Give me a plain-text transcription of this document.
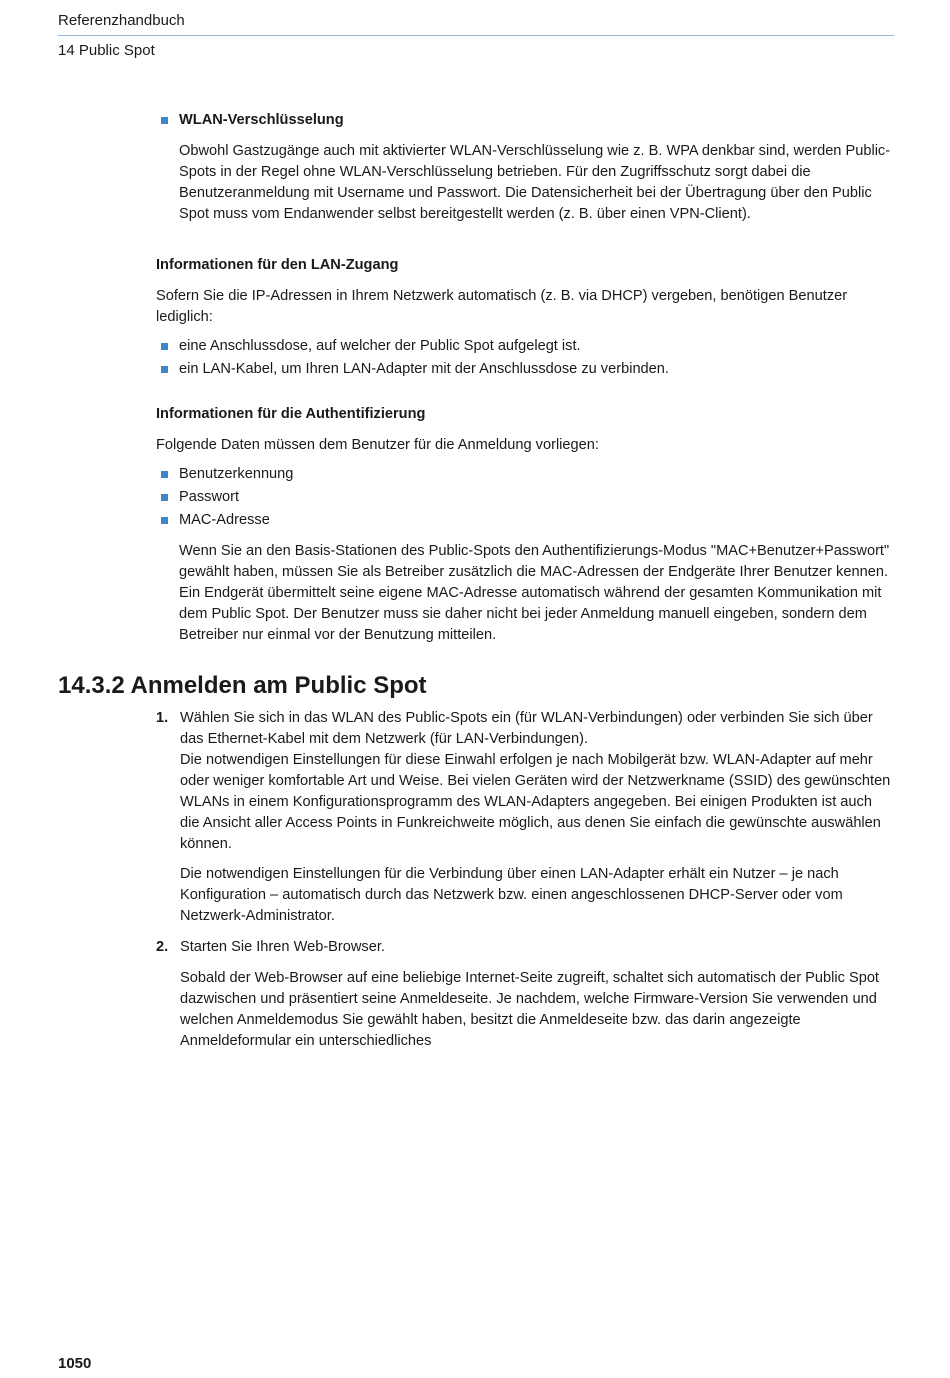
Referenzhandbuch
14 Public Spot
WLAN-Verschlüsselung

Obwohl Gastzugänge auch mit aktivierter WLAN-Verschlüsselung wie z. B. WPA denkbar sind, werden Public-Spots in der Regel ohne WLAN-Verschlüsselung betrieben. Für den Zugriffsschutz sorgt dabei die Benutzeranmeldung mit Username und Passwort. Die Datensicherheit bei der Übertragung über den Public Spot muss vom Endanwender selbst bereitgestellt werden (z. B. über einen VPN-Client).

Informationen für den LAN-Zugang

Sofern Sie die IP-Adressen in Ihrem Netzwerk automatisch (z. B. via DHCP) vergeben, benötigen Benutzer lediglich:

eine Anschlussdose, auf welcher der Public Spot aufgelegt ist.
ein LAN-Kabel, um Ihren LAN-Adapter mit der Anschlussdose zu verbinden.

Informationen für die Authentifizierung

Folgende Daten müssen dem Benutzer für die Anmeldung vorliegen:

Benutzerkennung
Passwort
MAC-Adresse

Wenn Sie an den Basis-Stationen des Public-Spots den Authentifizierungs-Modus "MAC+Benutzer+Passwort" gewählt haben, müssen Sie als Betreiber zusätzlich die MAC-Adressen der Endgeräte Ihrer Benutzer kennen. Ein Endgerät übermittelt seine eigene MAC-Adresse automatisch während der gesamten Kommunikation mit dem Public Spot. Der Benutzer muss sie daher nicht bei jeder Anmeldung manuell eingeben, sondern dem Betreiber nur einmal vor der Benutzung mitteilen.

14.3.2 Anmelden am Public Spot
1. Wählen Sie sich in das WLAN des Public-Spots ein (für WLAN-Verbindungen) oder verbinden Sie sich über das Ethernet-Kabel mit dem Netzwerk (für LAN-Verbindungen).

Die notwendigen Einstellungen für diese Einwahl erfolgen je nach Mobilgerät bzw. WLAN-Adapter auf mehr oder weniger komfortable Art und Weise. Bei vielen Geräten wird der Netzwerkname (SSID) des gewünschten WLANs in einem Konfigurationsprogramm des WLAN-Adapters angegeben. Bei einigen Produkten ist auch die Ansicht aller Access Points in Funkreichweite möglich, aus denen Sie einfach die gewünschte auswählen können.

Die notwendigen Einstellungen für die Verbindung über einen LAN-Adapter erhält ein Nutzer – je nach Konfiguration – automatisch durch das Netzwerk bzw. einen angeschlossenen DHCP-Server oder vom Netzwerk-Administrator.

2. Starten Sie Ihren Web-Browser.

Sobald der Web-Browser auf eine beliebige Internet-Seite zugreift, schaltet sich automatisch der Public Spot dazwischen und präsentiert seine Anmeldeseite. Je nachdem, welche Firmware-Version Sie verwenden und welchen Anmeldemodus Sie gewählt haben, besitzt die Anmeldeseite bzw. das darin angezeigte Anmeldeformular ein unterschiedliches

1050
